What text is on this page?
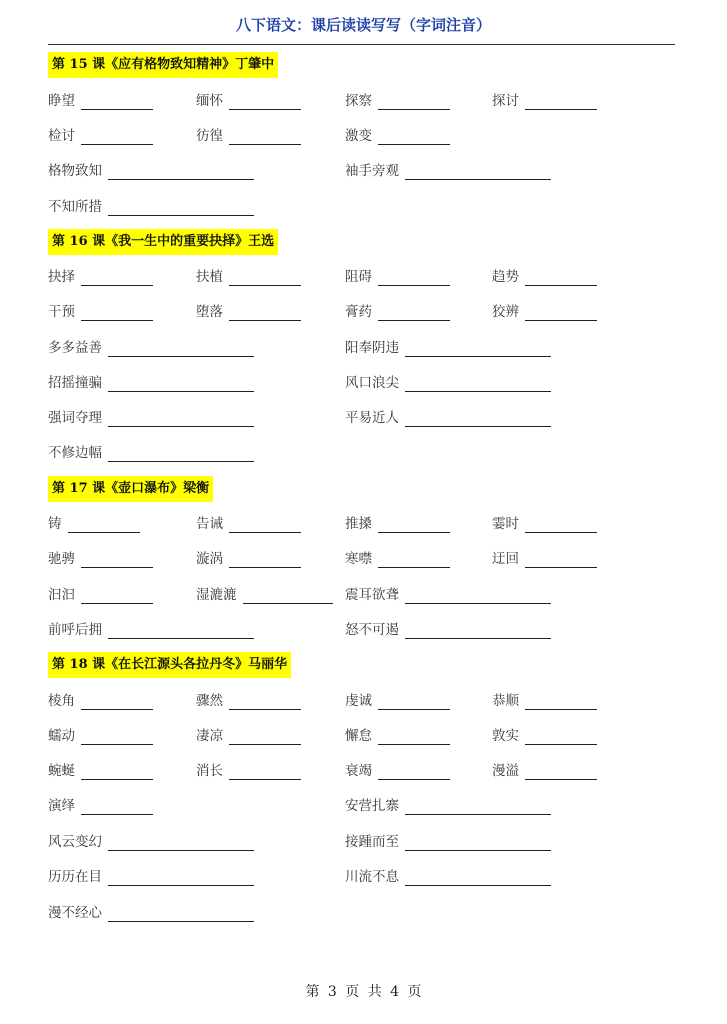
八下语文：课后读读写写（字词注音）
第 15 课《应有格物致知精神》丁肇中
睁望	缅怀	探察	探讨
检讨	彷徨	激变
格物致知	袖手旁观
不知所措
第 16 课《我一生中的重要抉择》王选
抉择	扶植	阻碍	趋势
干预	堕落	膏药	狡辨
多多益善	阳奉阴违
招摇撞骗	风口浪尖
强词夺理	平易近人
不修边幅
第 17 课《壶口瀑布》梁衡
铸	告诫	推搡	霎时
驰骋	漩涡	寒噤	迂回
汩汩	湿漉漉	震耳欲聋
前呼后拥	怒不可遏
第 18 课《在长江源头各拉丹冬》马丽华
棱角	骤然	虔诚	恭顺
蠕动	凄凉	懈怠	敦实
蜿蜒	消长	衰竭	漫溢
演绎	安营扎寨
风云变幻	接踵而至
历历在目	川流不息
漫不经心
第 3 页 共 4 页
